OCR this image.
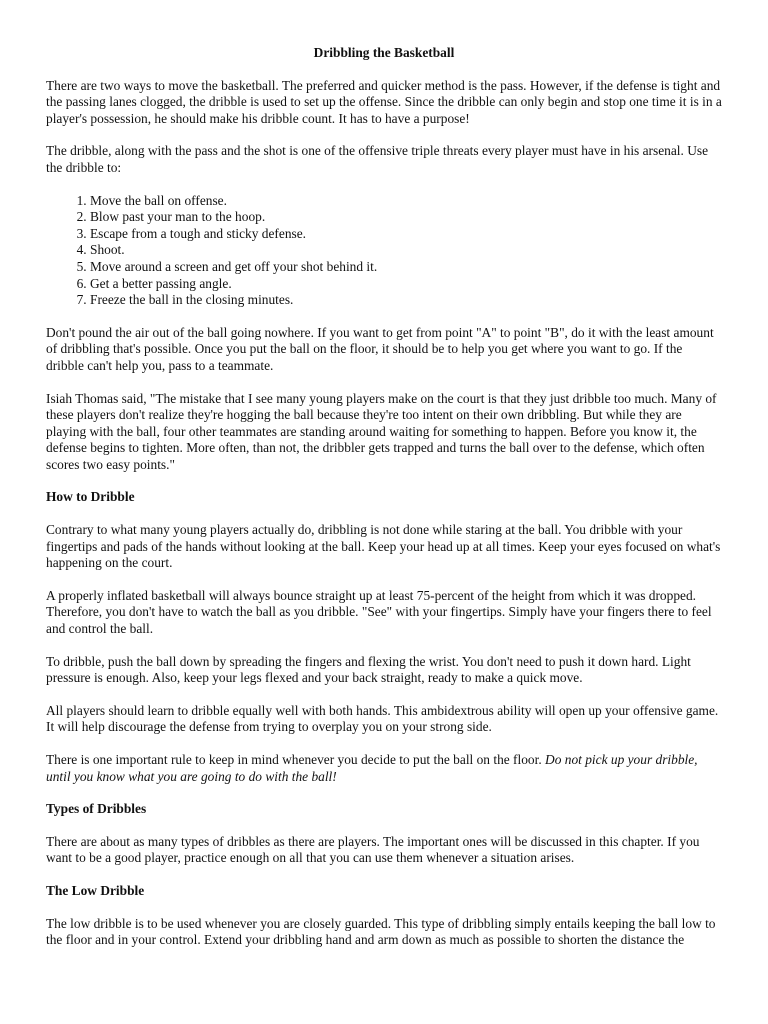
Dribbling the Basketball

There are two ways to move the basketball. The preferred and quicker method is the pass. However, if the defense is tight and the passing lanes clogged, the dribble is used to set up the offense. Since the dribble can only begin and stop one time it is in a player's possession, he should make his dribble count. It has to have a purpose!

The dribble, along with the pass and the shot is one of the offensive triple threats every player must have in his arsenal. Use the dribble to:

1. Move the ball on offense.
2. Blow past your man to the hoop.
3. Escape from a tough and sticky defense.
4. Shoot.
5. Move around a screen and get off your shot behind it.
6. Get a better passing angle.
7. Freeze the ball in the closing minutes.

Don't pound the air out of the ball going nowhere. If you want to get from point "A" to point "B", do it with the least amount of dribbling that's possible. Once you put the ball on the floor, it should be to help you get where you want to go. If the dribble can't help you, pass to a teammate.

Isiah Thomas said, "The mistake that I see many young players make on the court is that they just dribble too much. Many of these players don't realize they're hogging the ball because they're too intent on their own dribbling. But while they are playing with the ball, four other teammates are standing around waiting for something to happen. Before you know it, the defense begins to tighten. More often, than not, the dribbler gets trapped and turns the ball over to the defense, which often scores two easy points."

How to Dribble

Contrary to what many young players actually do, dribbling is not done while staring at the ball. You dribble with your fingertips and pads of the hands without looking at the ball. Keep your head up at all times. Keep your eyes focused on what's happening on the court.

A properly inflated basketball will always bounce straight up at least 75-percent of the height from which it was dropped. Therefore, you don't have to watch the ball as you dribble. "See" with your fingertips. Simply have your fingers there to feel and control the ball.

To dribble, push the ball down by spreading the fingers and flexing the wrist. You don't need to push it down hard. Light pressure is enough. Also, keep your legs flexed and your back straight, ready to make a quick move.

All players should learn to dribble equally well with both hands. This ambidextrous ability will open up your offensive game. It will help discourage the defense from trying to overplay you on your strong side.

There is one important rule to keep in mind whenever you decide to put the ball on the floor. Do not pick up your dribble, until you know what you are going to do with the ball!

Types of Dribbles

There are about as many types of dribbles as there are players. The important ones will be discussed in this chapter. If you want to be a good player, practice enough on all that you can use them whenever a situation arises.

The Low Dribble

The low dribble is to be used whenever you are closely guarded. This type of dribbling simply entails keeping the ball low to the floor and in your control. Extend your dribbling hand and arm down as much as possible to shorten the distance the
